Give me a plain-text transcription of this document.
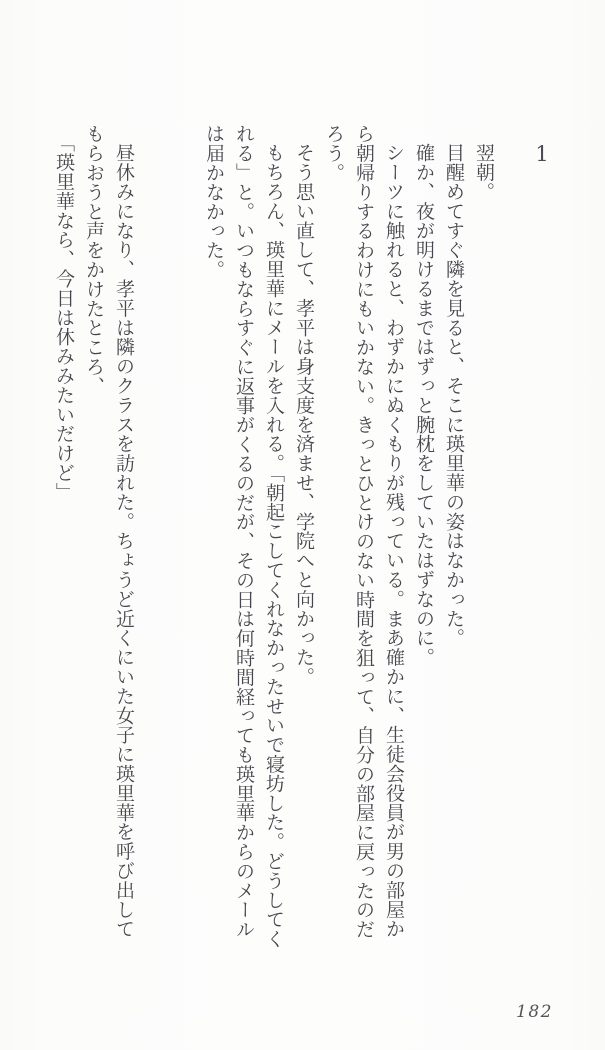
1

翌朝。

目醒めてすぐ隣を見ると、そこに瑛里華の姿はなかった。

確か、夜が明けるまではずっと腕枕をしていたはずなのに。

シーツに触れると、わずかにぬくもりが残っている。まあ確かに、生徒会役員が男の部屋から朝帰りするわけにもいかない。きっとひとけのない時間を狙って、自分の部屋に戻ったのだろう。

そう思い直して、孝平は身支度を済ませ、学院へと向かった。

もちろん、瑛里華にメールを入れる。「朝起こしてくれなかったせいで寝坊した。どうしてくれる」と。いつもならすぐに返事がくるのだが、その日は何時間経っても瑛里華からのメールは届かなかった。

昼休みになり、孝平は隣のクラスを訪れた。ちょうど近くにいた女子に瑛里華を呼び出してもらおうと声をかけたところ、

「瑛里華なら、今日は休みみたいだけど」

182
